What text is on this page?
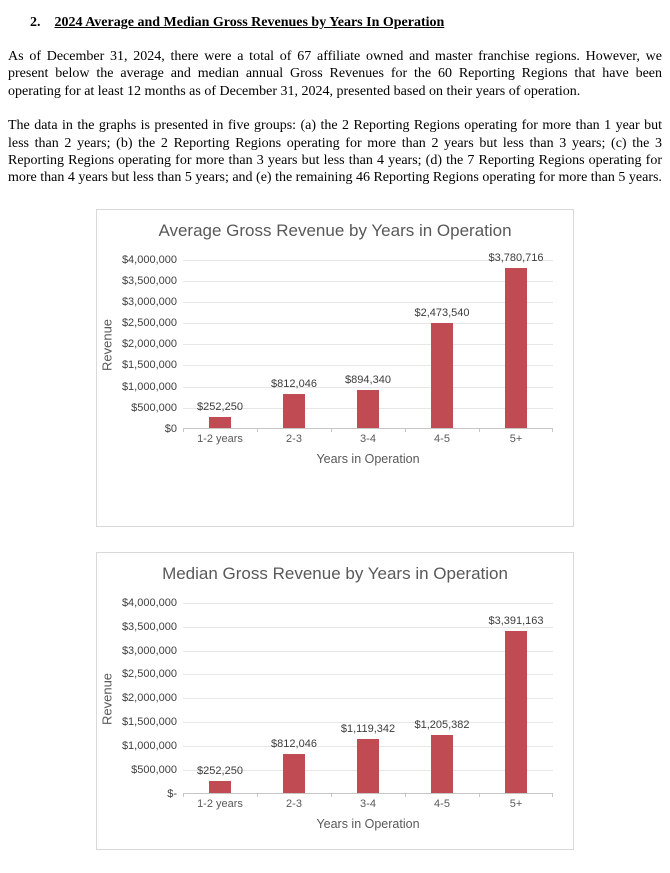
2. 2024 Average and Median Gross Revenues by Years In Operation

As of December 31, 2024, there were a total of 67 affiliate owned and master franchise regions. However, we present below the average and median annual Gross Revenues for the 60 Reporting Regions that have been operating for at least 12 months as of December 31, 2024, presented based on their years of operation.

The data in the graphs is presented in five groups: (a) the 2 Reporting Regions operating for more than 1 year but less than 2 years; (b) the 2 Reporting Regions operating for more than 2 years but less than 3 years; (c) the 3 Reporting Regions operating for more than 3 years but less than 4 years; (d) the 7 Reporting Regions operating for more than 4 years but less than 5 years; and (e) the remaining 46 Reporting Regions operating for more than 5 years.

Average Gross Revenue by Years in Operation
Revenue
$4,000,000
$3,500,000
$3,000,000
$2,500,000
$2,000,000
$1,500,000
$1,000,000
$500,000
$0
$252,250
$812,046	$894,340
$2,473,540
$3,780,716
1-2 years	2-3	3-4	4-5	5+
Years in Operation
Median Gross Revenue by Years in Operation
Revenue
$4,000,000
$3,500,000
$3,000,000
$2,500,000
$2,000,000
$1,500,000
$1,000,000
$500,000
$-
$252,250
$812,046
$1,119,342 $1,205,382
$3,391,163
1-2 years	2-3	3-4	4-5	5+
Years in Operation
